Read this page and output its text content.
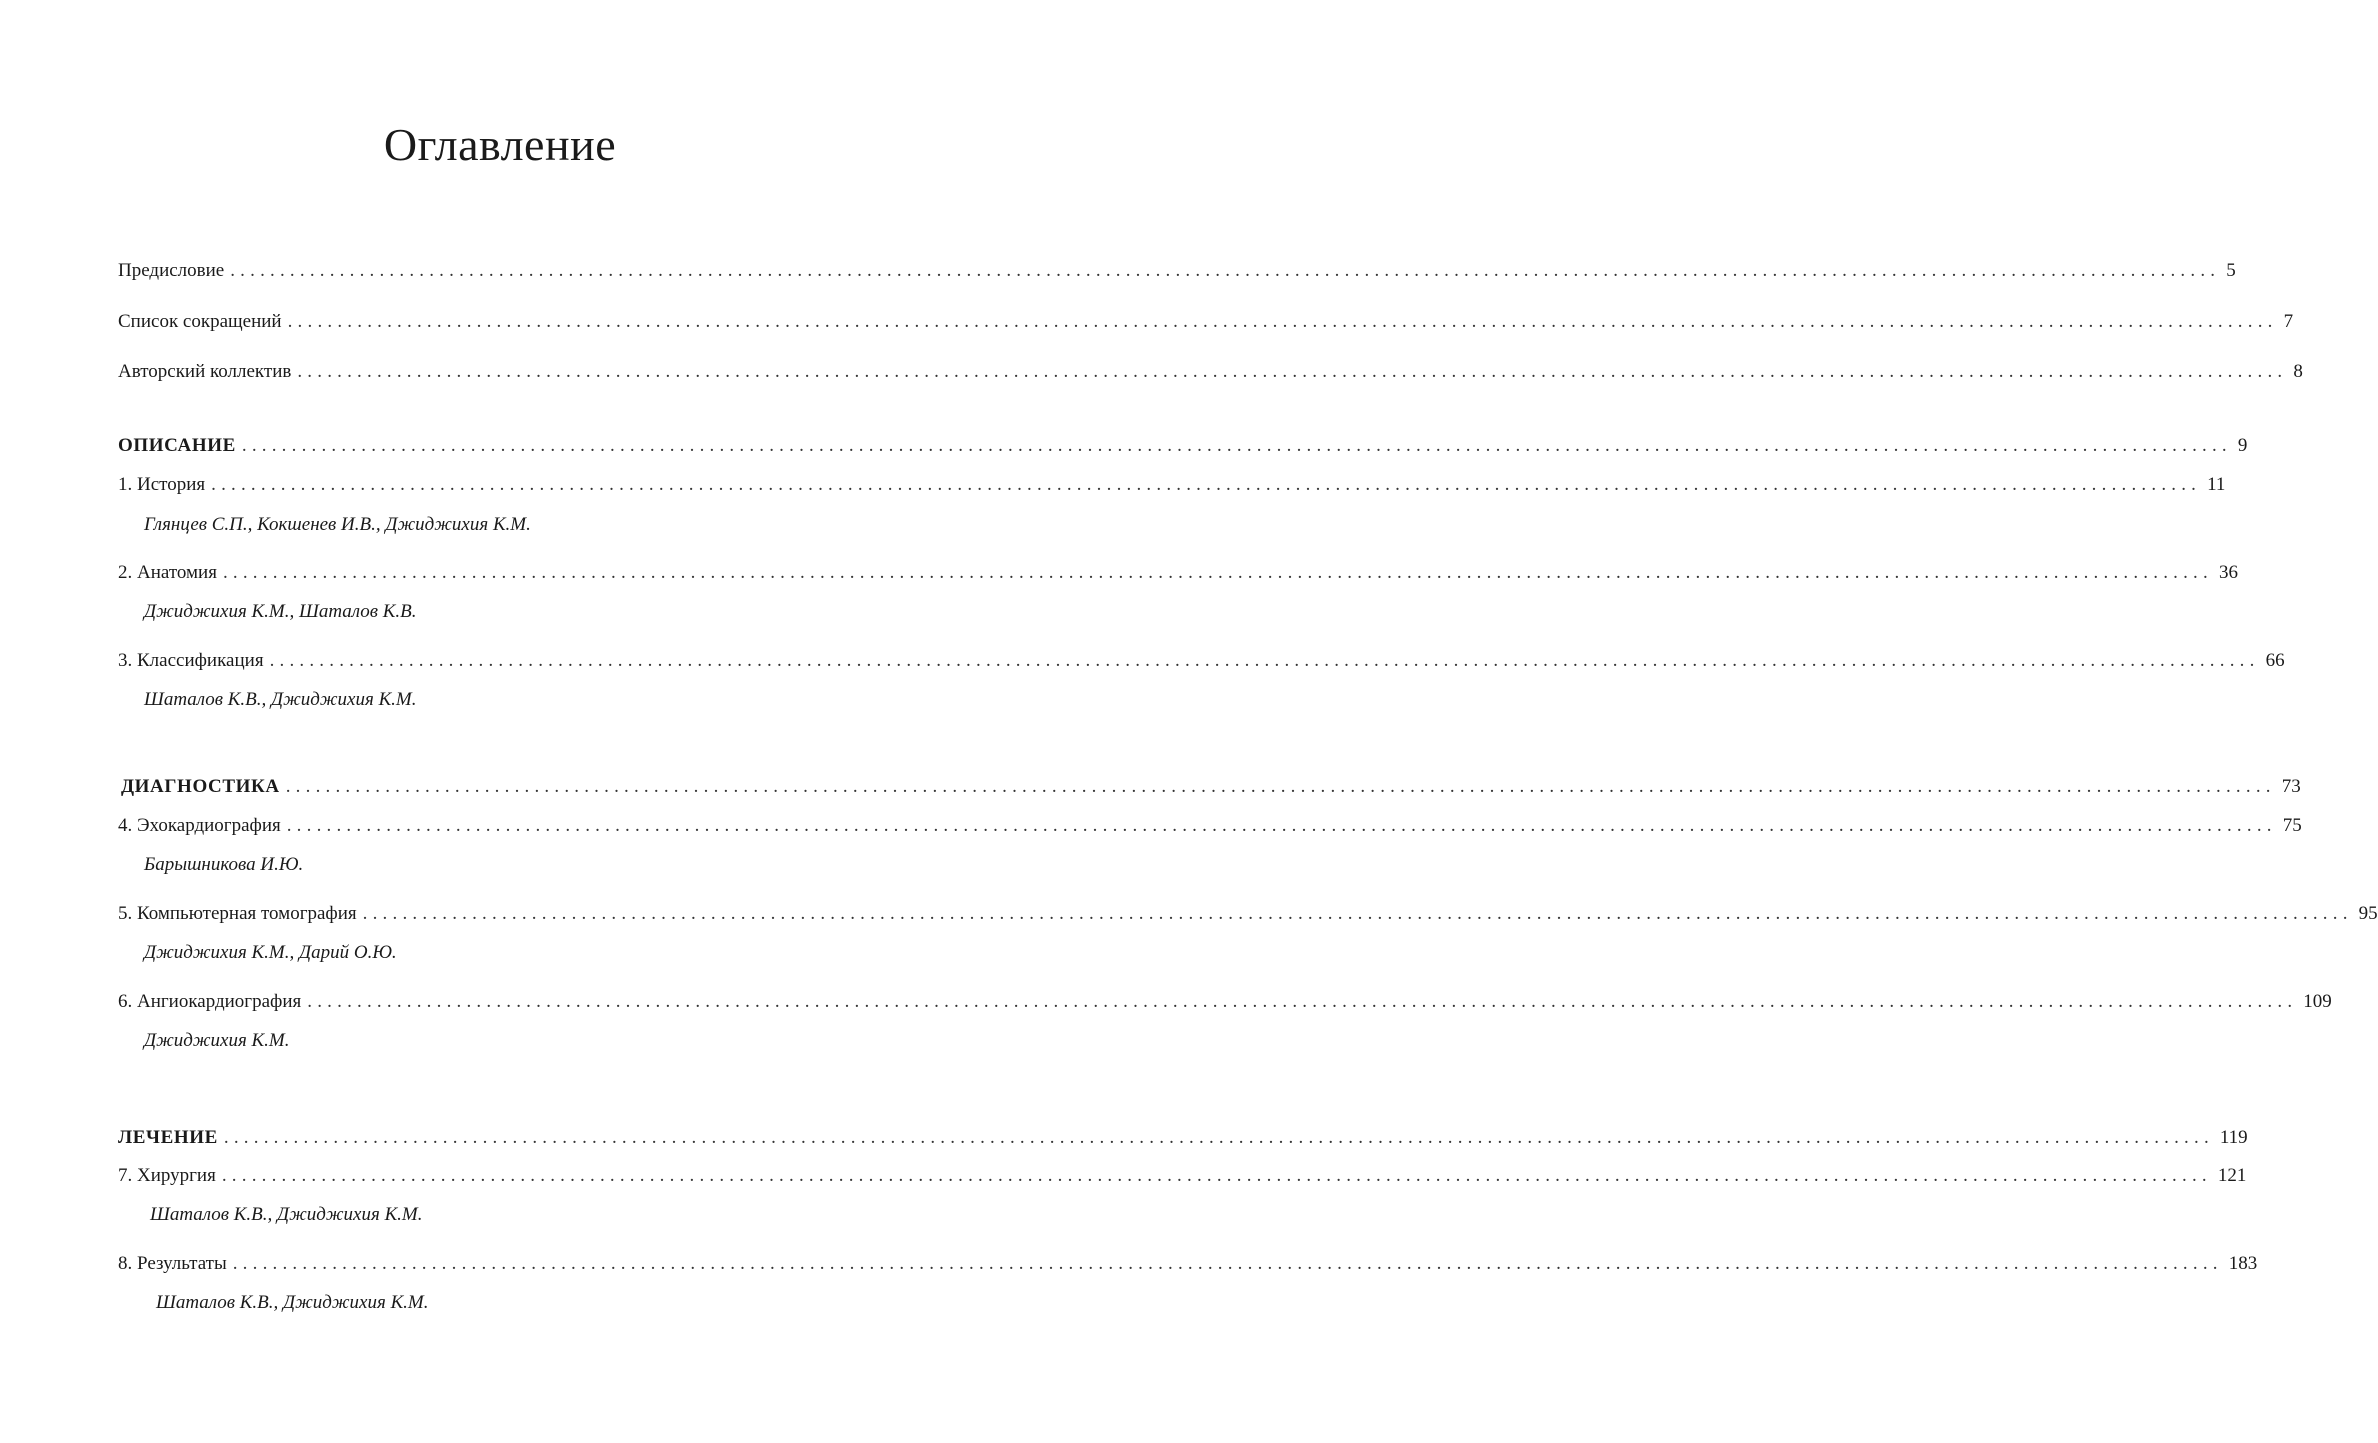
Оглавление
Предисловие ........................................................................................................................................................................................................ 5
Список сокращений ........................................................................................................................................................................................................ 7
Авторский коллектив ........................................................................................................................................................................................................ 8
ОПИСАНИЕ ........................................................................................................................................................................................................ 9
1. История ........................................................................................................................................................................................................ 11
Глянцев С.П., Кокшенев И.В., Джиджихия К.М.
2. Анатомия ........................................................................................................................................................................................................ 36
Джиджихия К.М., Шаталов К.В.
3. Классификация ........................................................................................................................................................................................................ 66
Шаталов К.В., Джиджихия К.М.
ДИАГНОСТИКА ........................................................................................................................................................................................................ 73
4. Эхокардиография ........................................................................................................................................................................................................ 75
Барышникова И.Ю.
5. Компьютерная томография ........................................................................................................................................................................................................ 95
Джиджихия К.М., Дарий О.Ю.
6. Ангиокардиография ........................................................................................................................................................................................................ 109
Джиджихия К.М.
ЛЕЧЕНИЕ ........................................................................................................................................................................................................ 119
7. Хирургия ........................................................................................................................................................................................................ 121
Шаталов К.В., Джиджихия К.М.
8. Результаты ........................................................................................................................................................................................................ 183
Шаталов К.В., Джиджихия К.М.
